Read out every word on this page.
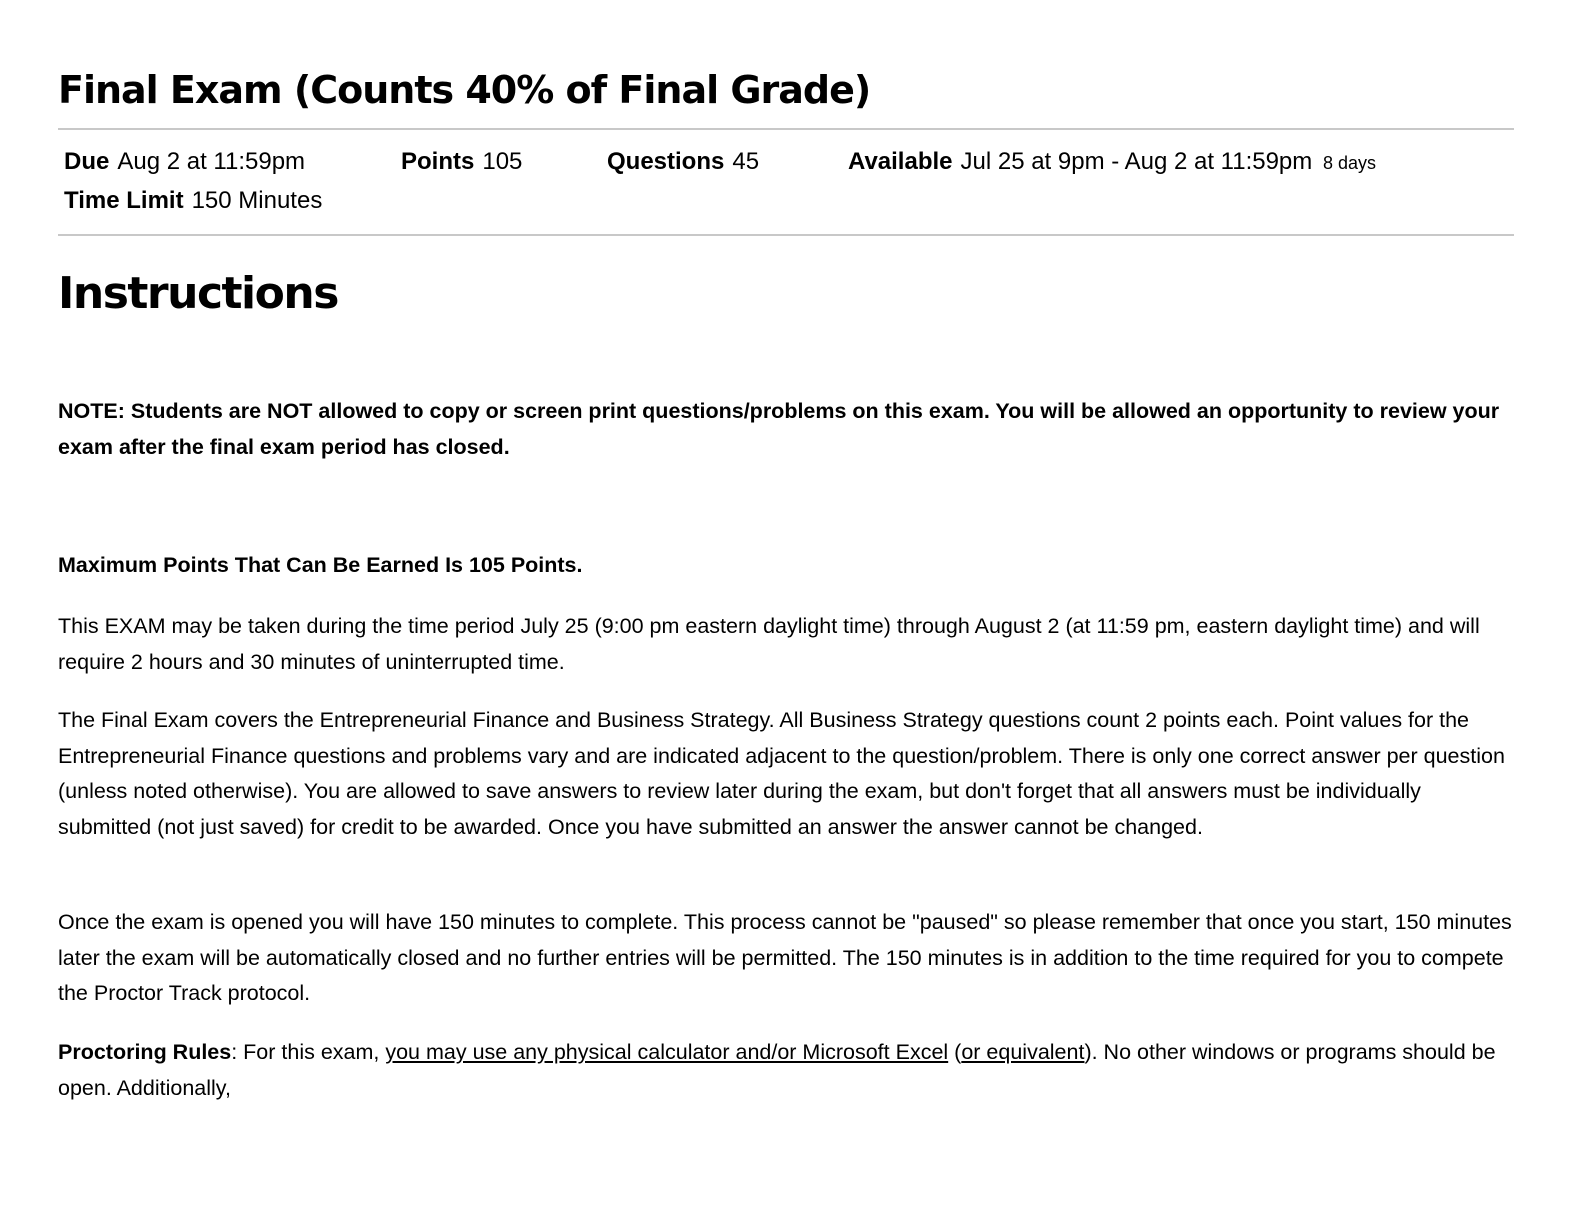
Final Exam (Counts 40% of Final Grade)
Due Aug 2 at 11:59pm	Points 105	Questions 45	Available Jul 25 at 9pm - Aug 2 at 11:59pm 8 days
Time Limit 150 Minutes
Instructions

NOTE: Students are NOT allowed to copy or screen print questions/problems on this exam. You will be allowed an opportunity to review your exam after the final exam period has closed.

Maximum Points That Can Be Earned Is 105 Points.

This EXAM may be taken during the time period July 25 (9:00 pm eastern daylight time) through August 2 (at 11:59 pm, eastern daylight time) and will require 2 hours and 30 minutes of uninterrupted time.

The Final Exam covers the Entrepreneurial Finance and Business Strategy. All Business Strategy questions count 2 points each. Point values for the Entrepreneurial Finance questions and problems vary and are indicated adjacent to the question/problem. There is only one correct answer per question (unless noted otherwise). You are allowed to save answers to review later during the exam, but don't forget that all answers must be individually submitted (not just saved) for credit to be awarded. Once you have submitted an answer the answer cannot be changed.

Once the exam is opened you will have 150 minutes to complete. This process cannot be "paused" so please remember that once you start, 150 minutes later the exam will be automatically closed and no further entries will be permitted. The 150 minutes is in addition to the time required for you to compete the Proctor Track protocol.

Proctoring Rules: For this exam, you may use any physical calculator and/or Microsoft Excel (or equivalent). No other windows or programs should be open. Additionally,
